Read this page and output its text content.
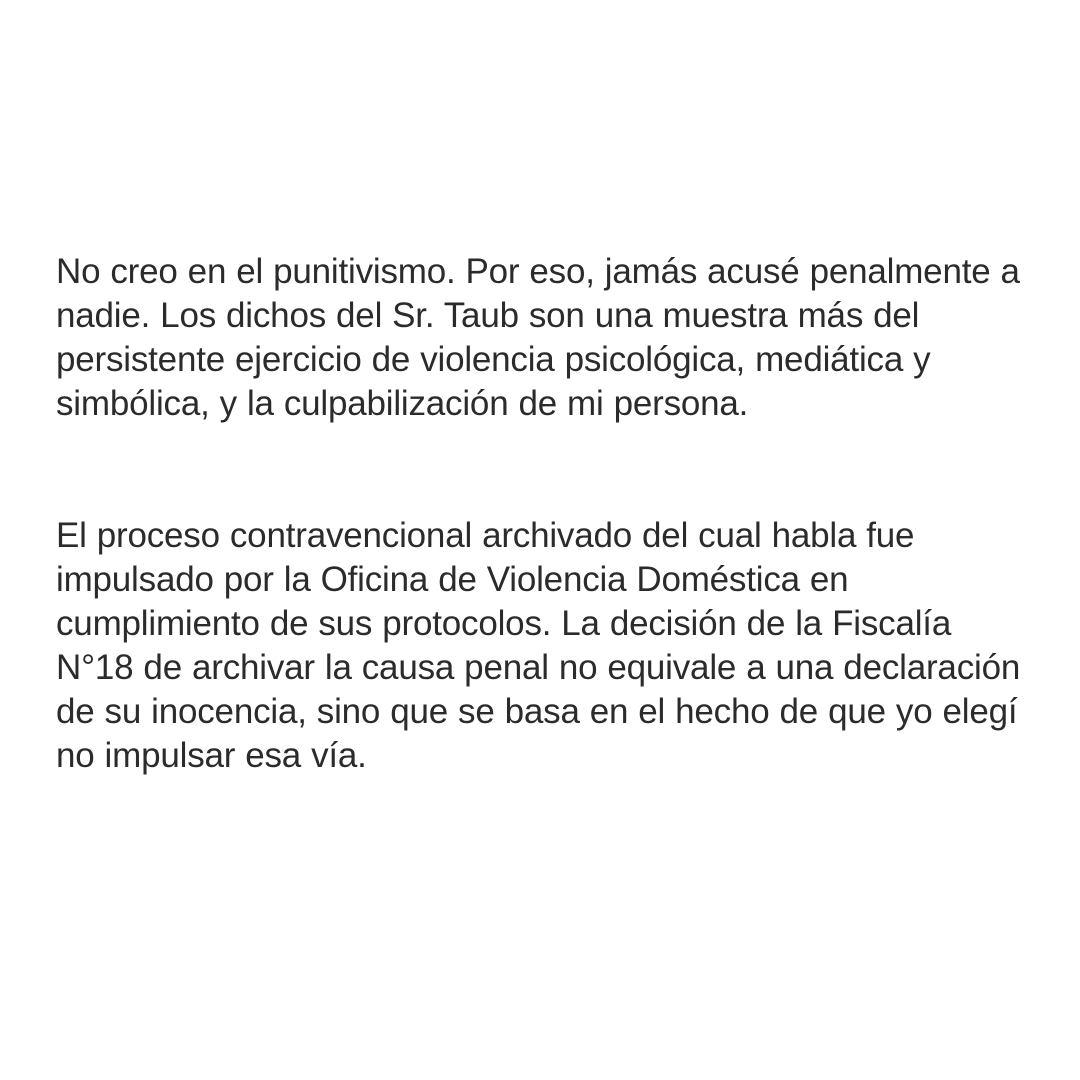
No creo en el punitivismo. Por eso, jamás acusé penalmente a nadie. Los dichos del Sr. Taub son una muestra más del persistente ejercicio de violencia psicológica, mediática y simbólica, y la culpabilización de mi persona.

El proceso contravencional archivado del cual habla fue impulsado por la Oficina de Violencia Doméstica en cumplimiento de sus protocolos. La decisión de la Fiscalía N°18 de archivar la causa penal no equivale a una declaración de su inocencia, sino que se basa en el hecho de que yo elegí no impulsar esa vía.
